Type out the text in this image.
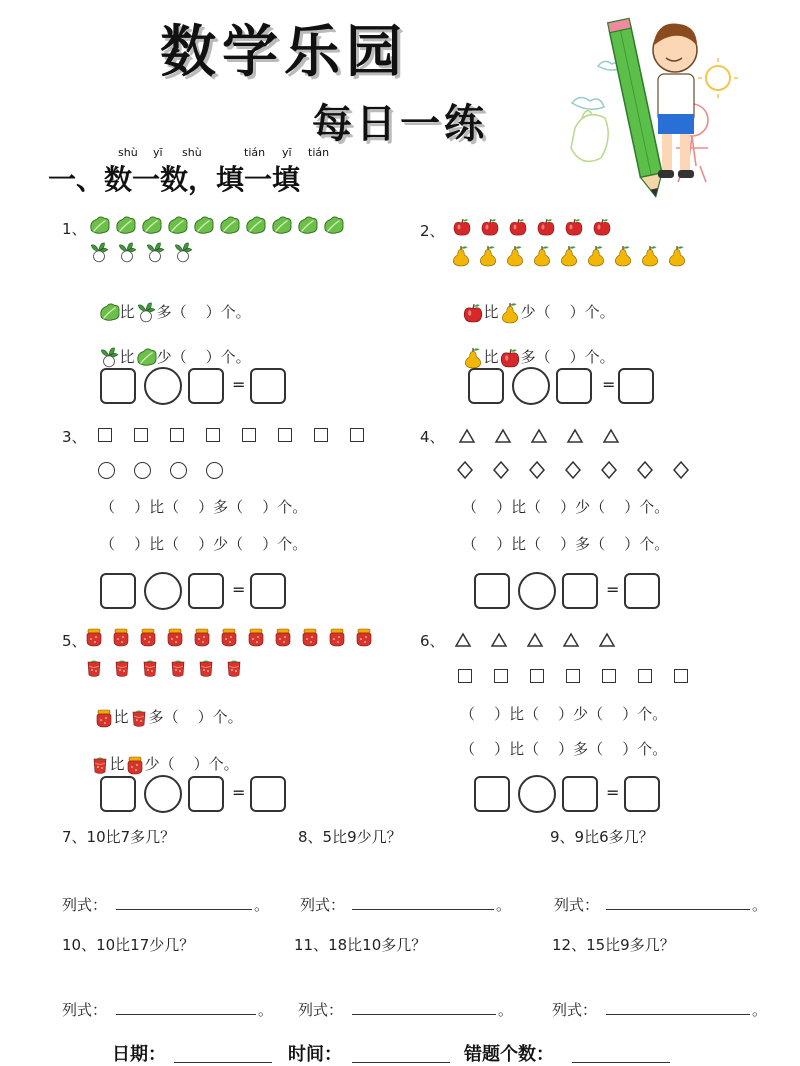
数学乐园
每日一练
shù yī shù	tián yī tián
一、数一数，填一填
1、

比 多（    ）个。

比 少（    ）个。

=
2、

比 少（    ）个。

比 多（    ）个。

=
3、
（    ）比（    ）多（    ）个。
（    ）比（    ）少（    ）个。
=
4、
（    ）比（    ）少（    ）个。
（    ）比（    ）多（    ）个。
=
5、

比 多（    ）个。

比 少（    ）个。

=
6、
（    ）比（    ）少（    ）个。
（    ）比（    ）多（    ）个。
=
7、10比7多几？	8、5比9少几？	9、9比6多几？
列式：	。 列式：	。	列式：	。
10、10比17少几？	11、18比10多几？	12、15比9多几？
列式：	。 列式：	。	列式：	。
日期：	时间：	错题个数：
